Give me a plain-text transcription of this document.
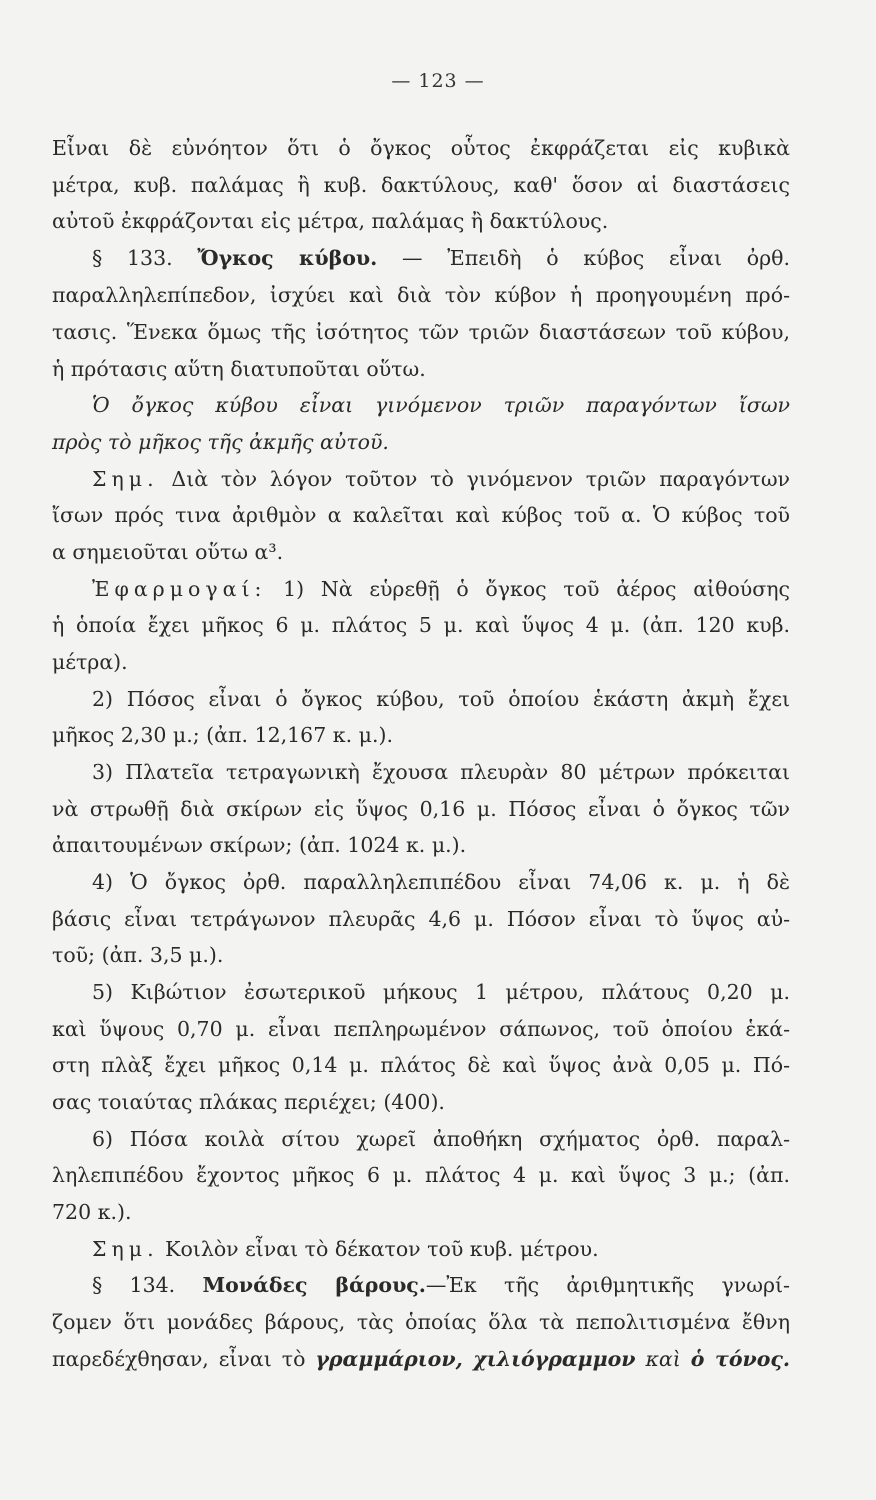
— 123 —
Εἶναι δὲ εὐνόητον ὅτι ὁ ὄγκος οὗτος ἐκφράζεται εἰς κυβικὰ
μέτρα, κυβ. παλάμας ἢ κυβ. δακτύλους, καθ' ὅσον αἱ διαστάσεις
αὐτοῦ ἐκφράζονται εἰς μέτρα, παλάμας ἢ δακτύλους.
§ 133. Ὄγκος κύβου. — Ἐπειδὴ ὁ κύβος εἶναι ὀρθ.
παραλληλεπίπεδον, ἰσχύει καὶ διὰ τὸν κύβον ἡ προηγουμένη πρό-
τασις. Ἕνεκα ὅμως τῆς ἰσότητος τῶν τριῶν διαστάσεων τοῦ κύβου,
ἡ πρότασις αὕτη διατυποῦται οὕτω.
Ὁ ὄγκος κύβου εἶναι γινόμενον τριῶν παραγόντων ἴσων
πρὸς τὸ μῆκος τῆς ἀκμῆς αὐτοῦ.
Σημ. Διὰ τὸν λόγον τοῦτον τὸ γινόμενον τριῶν παραγόντων
ἴσων πρός τινα ἀριθμὸν α καλεῖται καὶ κύβος τοῦ α. Ὁ κύβος τοῦ
α σημειοῦται οὕτω α³.
Ἐφαρμογαί: 1) Νὰ εὑρεθῇ ὁ ὄγκος τοῦ ἀέρος αἰθούσης
ἡ ὁποία ἔχει μῆκος 6 μ. πλάτος 5 μ. καὶ ὕψος 4 μ. (ἀπ. 120 κυβ.
μέτρα).
2) Πόσος εἶναι ὁ ὄγκος κύβου, τοῦ ὁποίου ἑκάστη ἀκμὴ ἔχει
μῆκος 2,30 μ.; (ἀπ. 12,167 κ. μ.).
3) Πλατεῖα τετραγωνικὴ ἔχουσα πλευρὰν 80 μέτρων πρόκειται
νὰ στρωθῇ διὰ σκίρων εἰς ὕψος 0,16 μ. Πόσος εἶναι ὁ ὄγκος τῶν
ἀπαιτουμένων σκίρων; (ἀπ. 1024 κ. μ.).
4) Ὁ ὄγκος ὀρθ. παραλληλεπιπέδου εἶναι 74,06 κ. μ. ἡ δὲ
βάσις εἶναι τετράγωνον πλευρᾶς 4,6 μ. Πόσον εἶναι τὸ ὕψος αὐ-
τοῦ; (ἀπ. 3,5 μ.).
5) Κιβώτιον ἐσωτερικοῦ μήκους 1 μέτρου, πλάτους 0,20 μ.
καὶ ὕψους 0,70 μ. εἶναι πεπληρωμένον σάπωνος, τοῦ ὁποίου ἑκά-
στη πλὰξ ἔχει μῆκος 0,14 μ. πλάτος δὲ καὶ ὕψος ἀνὰ 0,05 μ. Πό-
σας τοιαύτας πλάκας περιέχει; (400).
6) Πόσα κοιλὰ σίτου χωρεῖ ἀποθήκη σχήματος ὀρθ. παραλ-
ληλεπιπέδου ἔχοντος μῆκος 6 μ. πλάτος 4 μ. καὶ ὕψος 3 μ.; (ἀπ.
720 κ.).
Σημ. Κοιλὸν εἶναι τὸ δέκατον τοῦ κυβ. μέτρου.
§ 134. Μονάδες βάρους.—Ἐκ τῆς ἀριθμητικῆς γνωρί-
ζομεν ὅτι μονάδες βάρους, τὰς ὁποίας ὅλα τὰ πεπολιτισμένα ἔθνη
παρεδέχθησαν, εἶναι τὸ γραμμάριον, χιλιόγραμμον καὶ ὁ τόνος.
